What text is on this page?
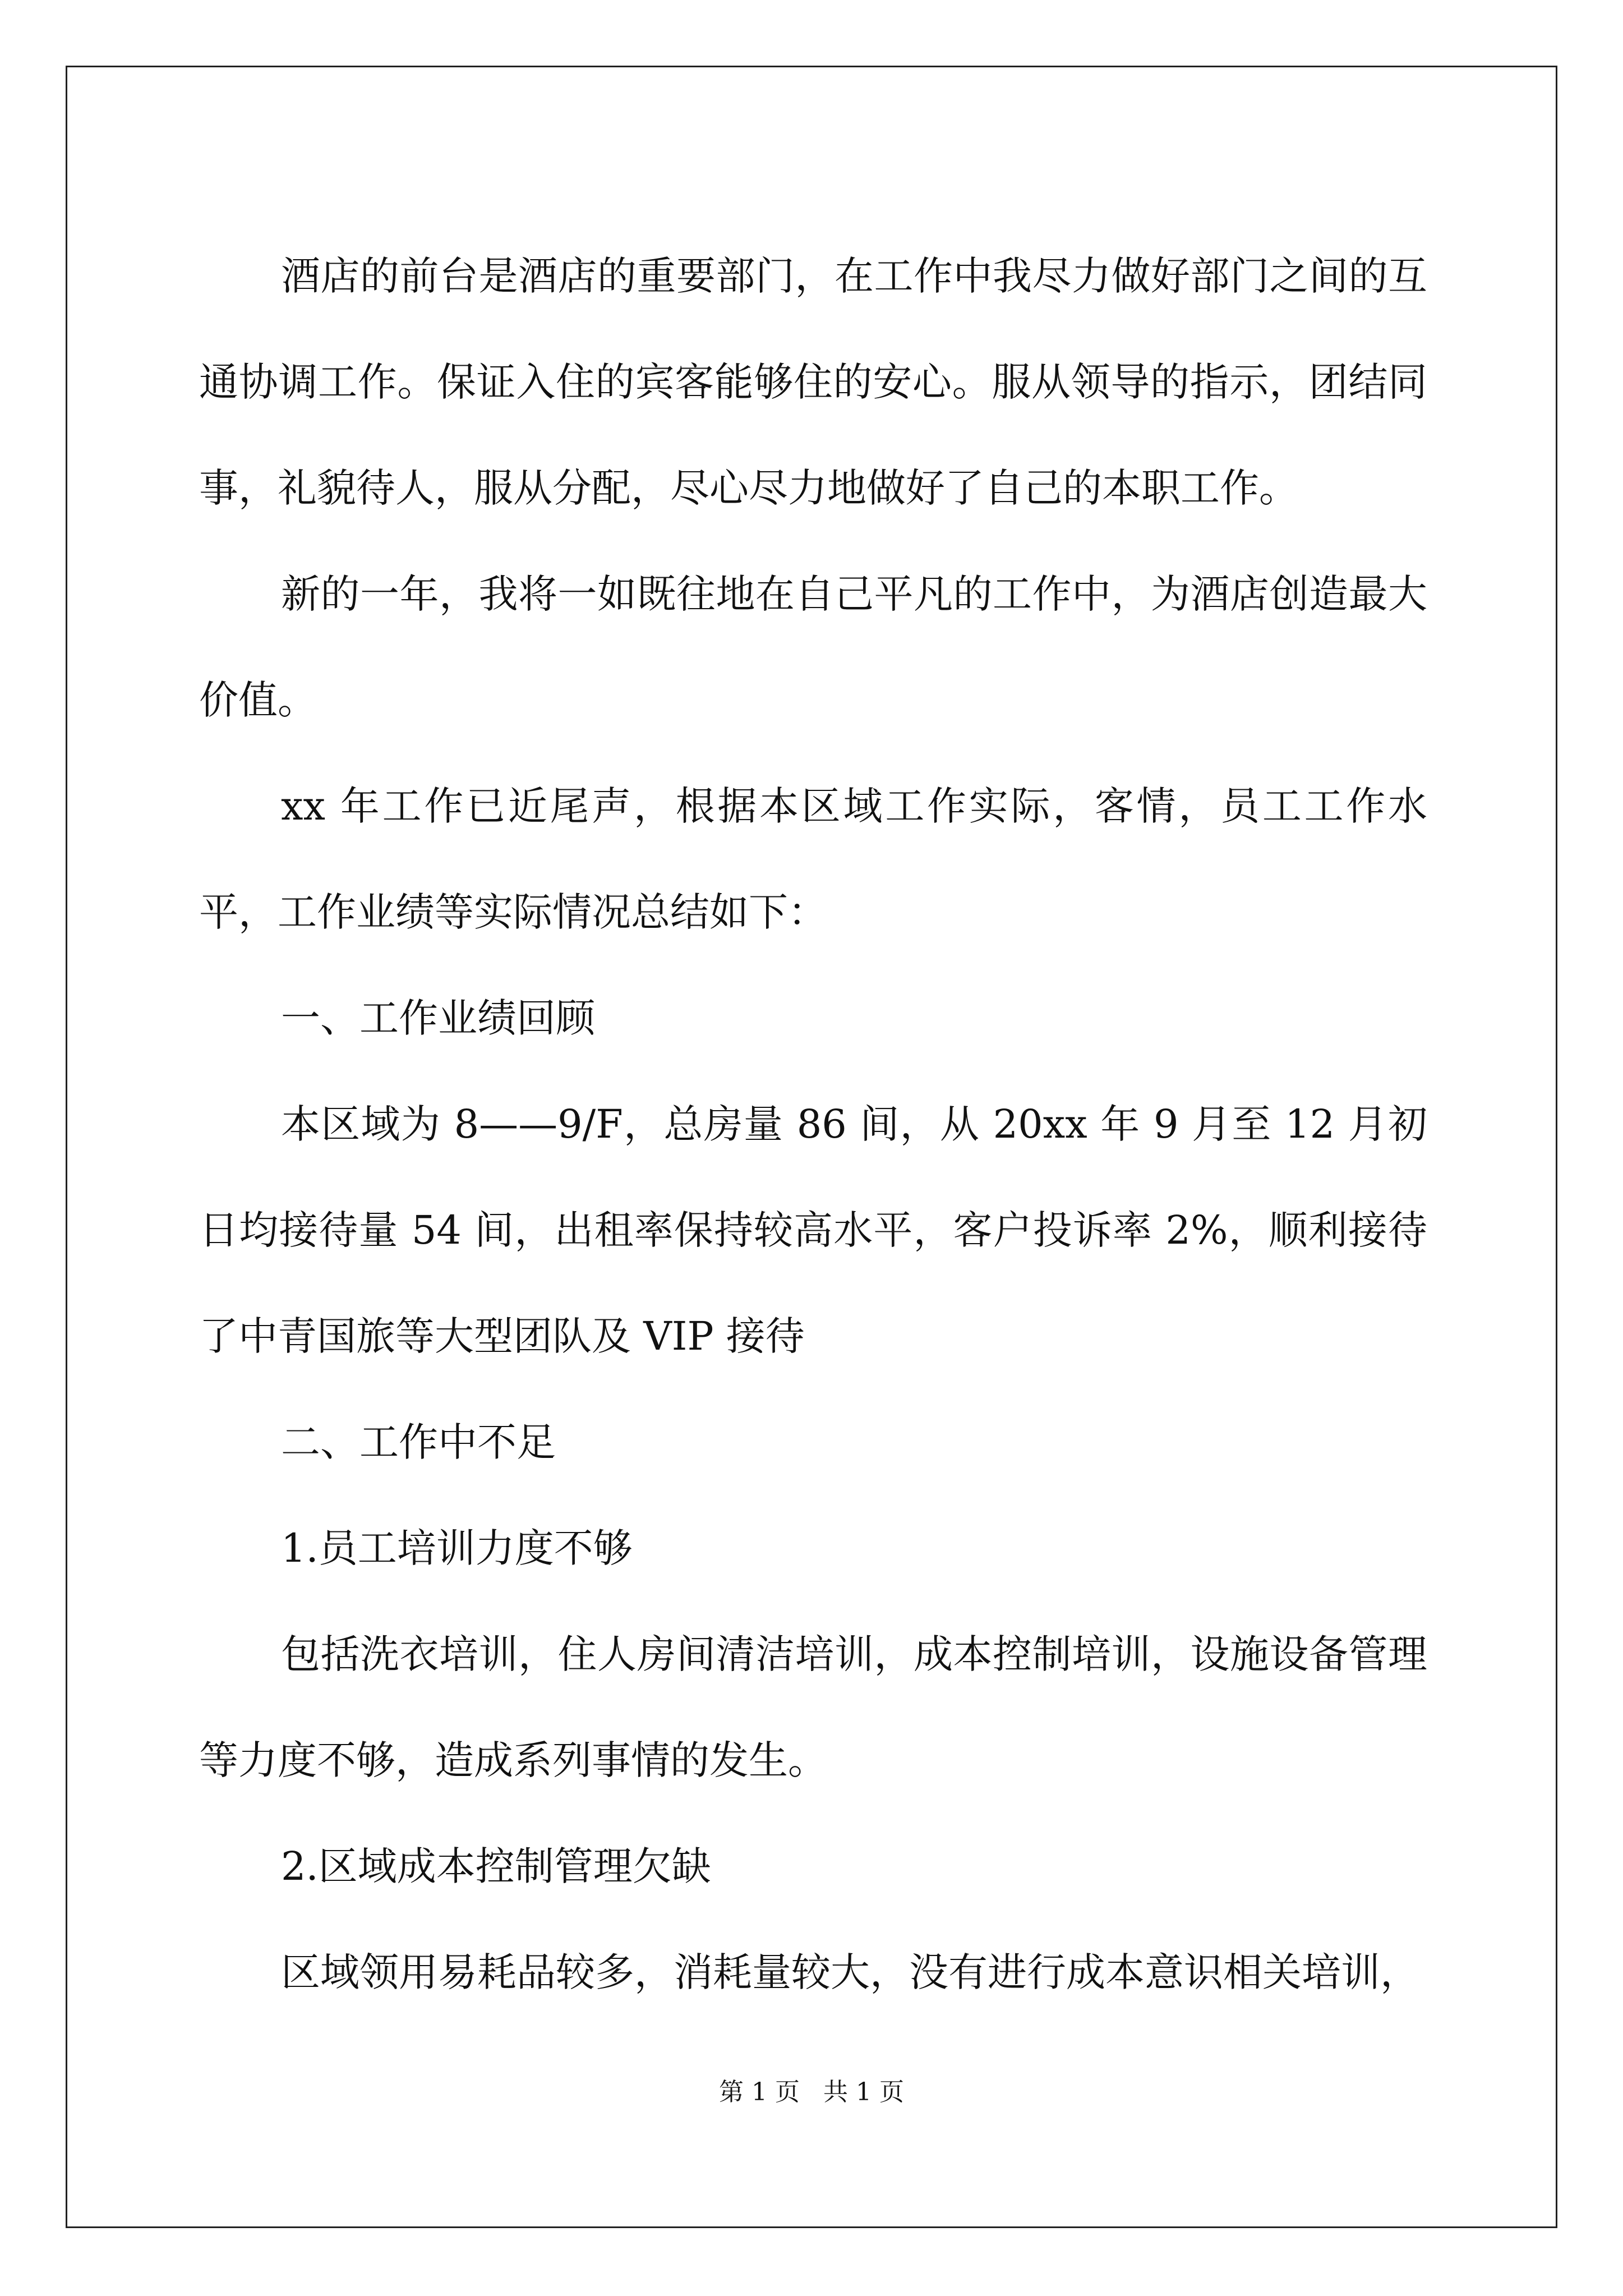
酒店的前台是酒店的重要部门，在工作中我尽力做好部门之间的互通协调工作。保证入住的宾客能够住的安心。服从领导的指示，团结同事，礼貌待人，服从分配，尽心尽力地做好了自己的本职工作。

新的一年，我将一如既往地在自己平凡的工作中，为酒店创造最大价值。

xx 年工作已近尾声，根据本区域工作实际，客情，员工工作水平，工作业绩等实际情况总结如下：

一、工作业绩回顾

本区域为 8——9/F，总房量 86 间，从 20xx 年 9 月至 12 月初日均接待量 54 间，出租率保持较高水平，客户投诉率 2%，顺利接待了中青国旅等大型团队及 VIP 接待

二、工作中不足

1.员工培训力度不够

包括洗衣培训，住人房间清洁培训，成本控制培训，设施设备管理等力度不够，造成系列事情的发生。

2.区域成本控制管理欠缺

区域领用易耗品较多，消耗量较大，没有进行成本意识相关培训，

第 1 页   共 1 页
